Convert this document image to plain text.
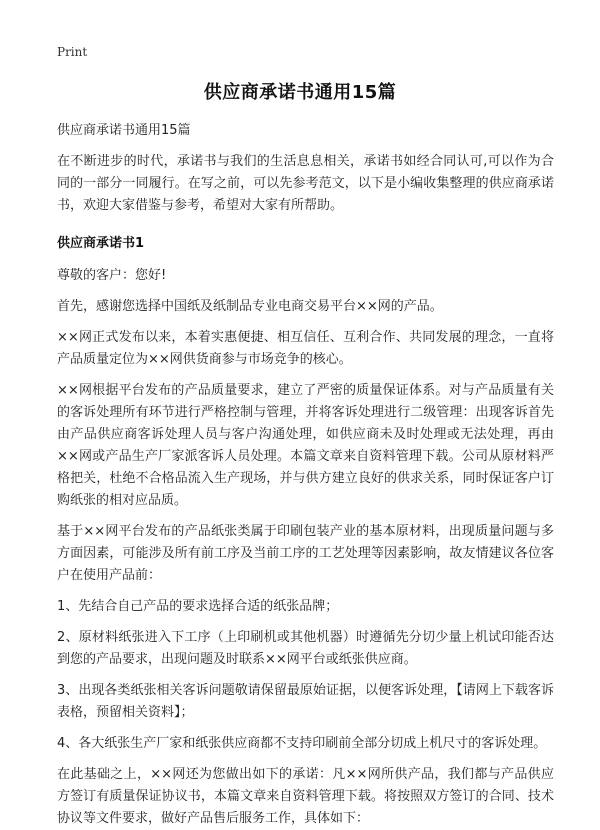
Print
供应商承诺书通用15篇

供应商承诺书通用15篇

在不断进步的时代，承诺书与我们的生活息息相关，承诺书如经合同认可,可以作为合同的一部分一同履行。在写之前，可以先参考范文，以下是小编收集整理的供应商承诺书，欢迎大家借鉴与参考，希望对大家有所帮助。

供应商承诺书1

尊敬的客户：您好!

首先，感谢您选择中国纸及纸制品专业电商交易平台××网的产品。

××网正式发布以来，本着实惠便捷、相互信任、互利合作、共同发展的理念，一直将产品质量定位为××网供货商参与市场竞争的核心。

××网根据平台发布的产品质量要求，建立了严密的质量保证体系。对与产品质量有关的客诉处理所有环节进行严格控制与管理，并将客诉处理进行二级管理：出现客诉首先由产品供应商客诉处理人员与客户沟通处理，如供应商未及时处理或无法处理，再由××网或产品生产厂家派客诉人员处理。本篇文章来自资料管理下载。公司从原材料严格把关，杜绝不合格品流入生产现场，并与供方建立良好的供求关系，同时保证客户订购纸张的相对应品质。

基于××网平台发布的产品纸张类属于印刷包装产业的基本原材料，出现质量问题与多方面因素，可能涉及所有前工序及当前工序的工艺处理等因素影响，故友情建议各位客户在使用产品前：

1、先结合自己产品的要求选择合适的纸张品牌；

2、原材料纸张进入下工序（上印刷机或其他机器）时遵循先分切少量上机试印能否达到您的产品要求，出现问题及时联系××网平台或纸张供应商。

3、出现各类纸张相关客诉问题敬请保留最原始证据，以便客诉处理，【请网上下载客诉表格，预留相关资料】；

4、各大纸张生产厂家和纸张供应商都不支持印刷前全部分切成上机尺寸的客诉处理。

在此基础之上，××网还为您做出如下的承诺：凡××网所供产品，我们都与产品供应方签订有质量保证协议书，本篇文章来自资料管理下载。将按照双方签订的合同、技术协议等文件要求，做好产品售后服务工作，具体如下：
